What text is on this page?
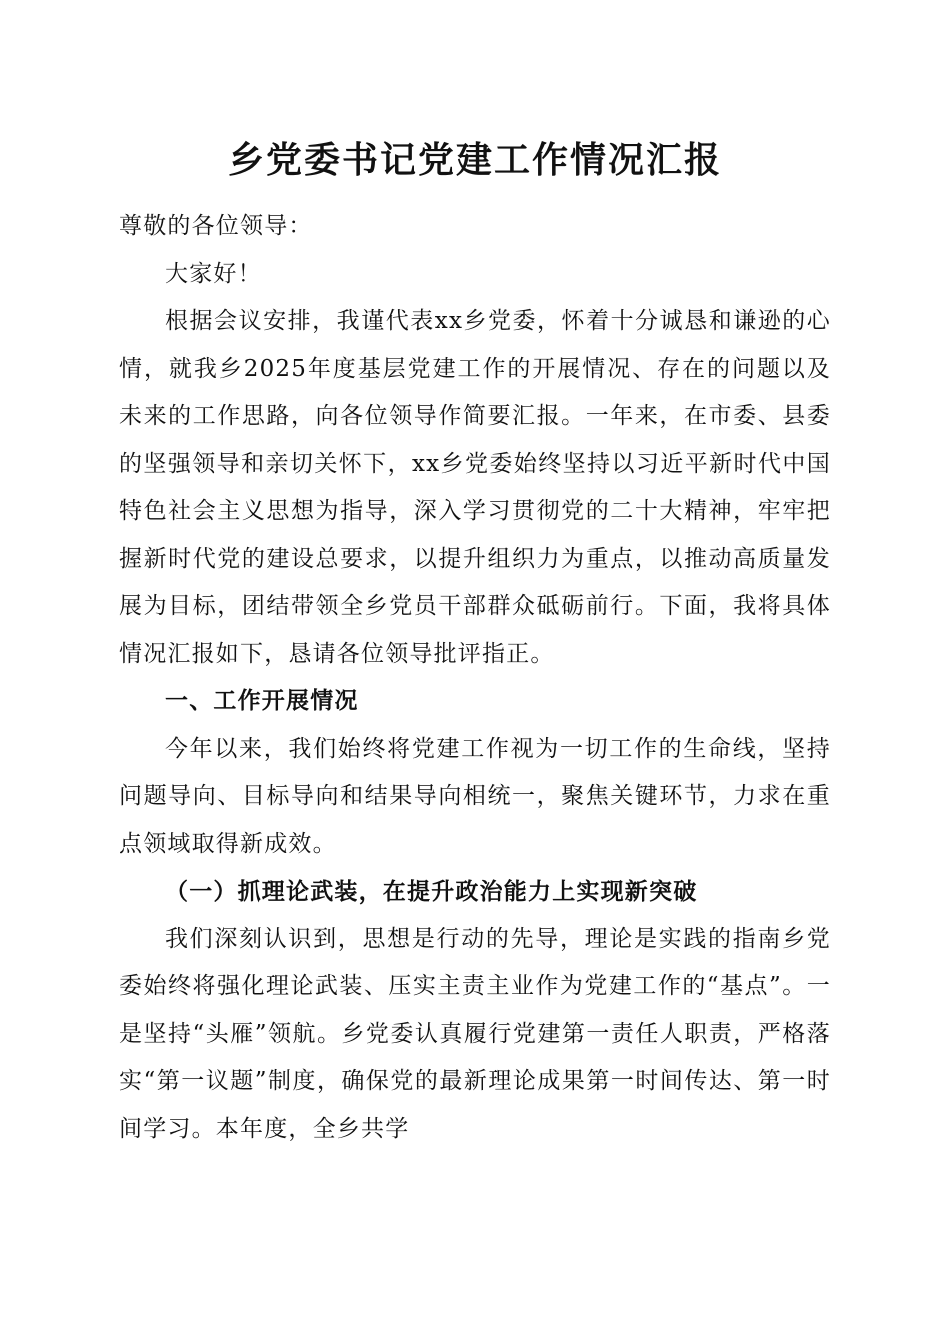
乡党委书记党建工作情况汇报

尊敬的各位领导：

大家好！

根据会议安排，我谨代表xx乡党委，怀着十分诚恳和谦逊的心情，就我乡2025年度基层党建工作的开展情况、存在的问题以及未来的工作思路，向各位领导作简要汇报。一年来，在市委、县委的坚强领导和亲切关怀下，xx乡党委始终坚持以习近平新时代中国特色社会主义思想为指导，深入学习贯彻党的二十大精神，牢牢把握新时代党的建设总要求，以提升组织力为重点，以推动高质量发展为目标，团结带领全乡党员干部群众砥砺前行。下面，我将具体情况汇报如下，恳请各位领导批评指正。

一、工作开展情况

今年以来，我们始终将党建工作视为一切工作的生命线，坚持问题导向、目标导向和结果导向相统一，聚焦关键环节，力求在重点领域取得新成效。

（一）抓理论武装，在提升政治能力上实现新突破

我们深刻认识到，思想是行动的先导，理论是实践的指南乡党委始终将强化理论武装、压实主责主业作为党建工作的“基点”。一是坚持“头雁”领航。乡党委认真履行党建第一责任人职责，严格落实“第一议题”制度，确保党的最新理论成果第一时间传达、第一时间学习。本年度，全乡共学
